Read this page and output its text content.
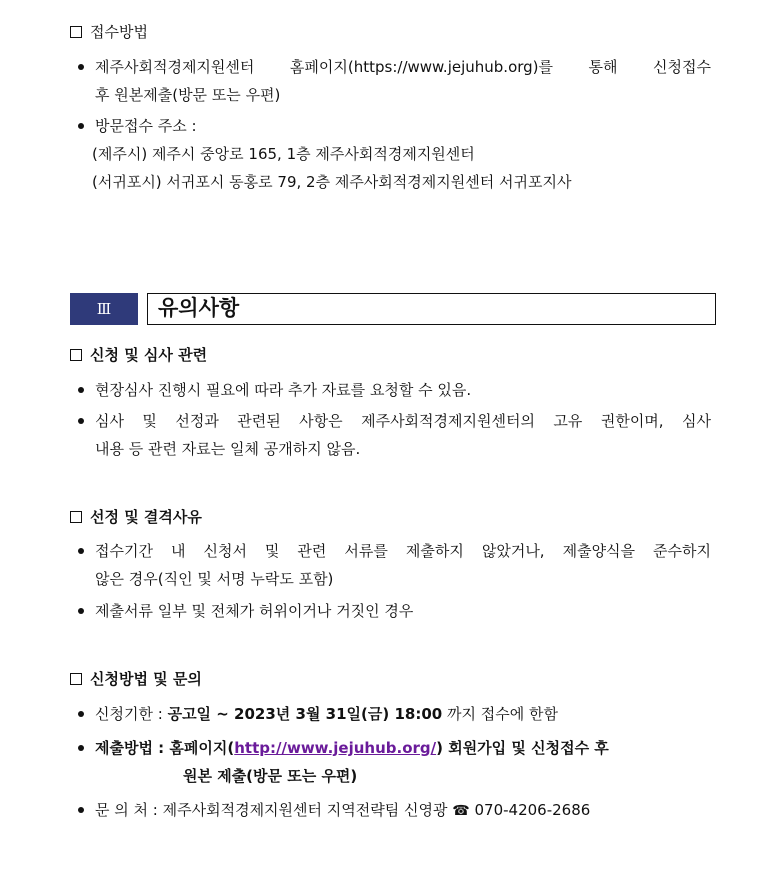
접수방법
제주사회적경제지원센터 홈페이지(https://www.jejuhub.org)를 통해 신청접수
후 원본제출(방문 또는 우편)
방문접수 주소 :
(제주시) 제주시 중앙로 165, 1층 제주사회적경제지원센터
(서귀포시) 서귀포시 동홍로 79, 2층 제주사회적경제지원센터 서귀포지사
Ⅲ	유의사항
신청 및 심사 관련
현장심사 진행시 필요에 따라 추가 자료를 요청할 수 있음.
심사 및 선정과 관련된 사항은 제주사회적경제지원센터의 고유 권한이며, 심사
내용 등 관련 자료는 일체 공개하지 않음.
선정 및 결격사유
접수기간 내 신청서 및 관련 서류를 제출하지 않았거나, 제출양식을 준수하지
않은 경우(직인 및 서명 누락도 포함)
제출서류 일부 및 전체가 허위이거나 거짓인 경우
신청방법 및 문의
신청기한 : 공고일 ~ 2023년 3월 31일(금) 18:00 까지 접수에 한함
제출방법 : 홈페이지(http://www.jejuhub.org/) 회원가입 및 신청접수 후
원본 제출(방문 또는 우편)
문 의 처 : 제주사회적경제지원센터 지역전략팀 신영광 ☎ 070-4206-2686
